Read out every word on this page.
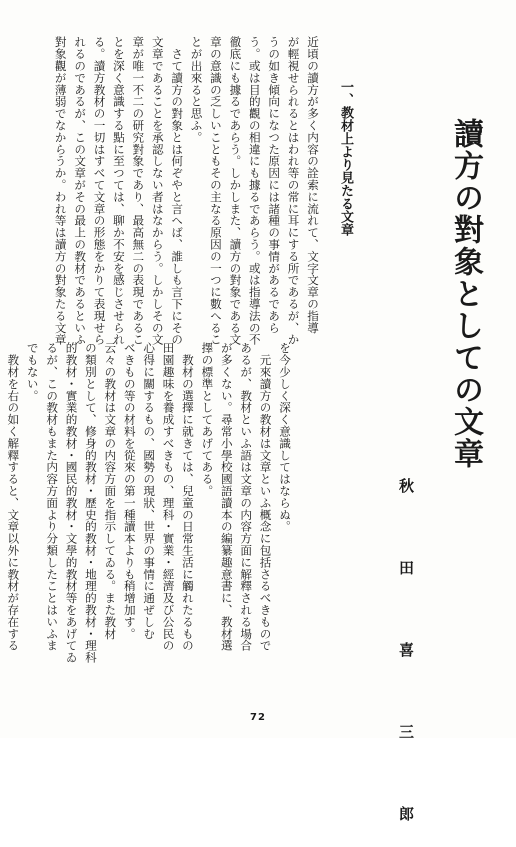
讀方の對象としての文章
秋　田　喜　三　郎
一、教材上より見たる文章
近頃の讀方が多く内容の詮索に流れて、文字文章の指導
が輕視せられるとはわれ等の常に耳にする所であるが、か
うの如き傾向になつた原因には諸種の事情があるであら
う。或は目的觀の相違にも據るであらう。或は指導法の不
徹底にも據るであらう。しかしまた、讀方の對象である文
章の意識の乏しいこともその主なる原因の一つに數へるこ
とが出來ると思ふ。
　さて讀方の對象とは何ぞやと言へば、誰しも言下にその
文章であることを承認しない者はなからう。しかしその文
章が唯一不二の研究對象であり、最高無二の表現であるこ
とを深く意識する點に至つては、聊か不安を感じさせられ
る。讀方教材の一切はすべて文章の形態をかりて表現せら
れるのであるが、この文章がその最上の教材であるといふ
對象觀が薄弱でなからうか。われ等は讀方の對象たる文章
を今少しく深く意識してはならぬ。
　元來讀方の教材は文章といふ概念に包括さるべきもので
あるが、教材といふ語は文章の内容方面に解釋される場合
が多くない。尋常小學校國語讀本の編纂趣意書に、教材選
擇の標準としてあげてある。
　教材の選擇に就きては、兒童の日常生活に觸れたるもの
田園趣味を養成すべきもの、理科・實業・經濟及び公民の
心得に關するもの、國勢の現狀、世界の事情に通ぜしむ
べきもの等の材料を從來の第一種讀本よりも稍增加す。
云々の教材は文章の内容方面を指示してゐる。また教材
の類別として、修身的教材・歷史的教材・地理的教材・理科
的教材・實業的教材・國民的教材・文學的教材等をあげてゐ
るが、この教材もまた内容方面より分類したことはいふま
でもない。
　教材を右の如く解釋すると、文章以外に教材が存在する
72
